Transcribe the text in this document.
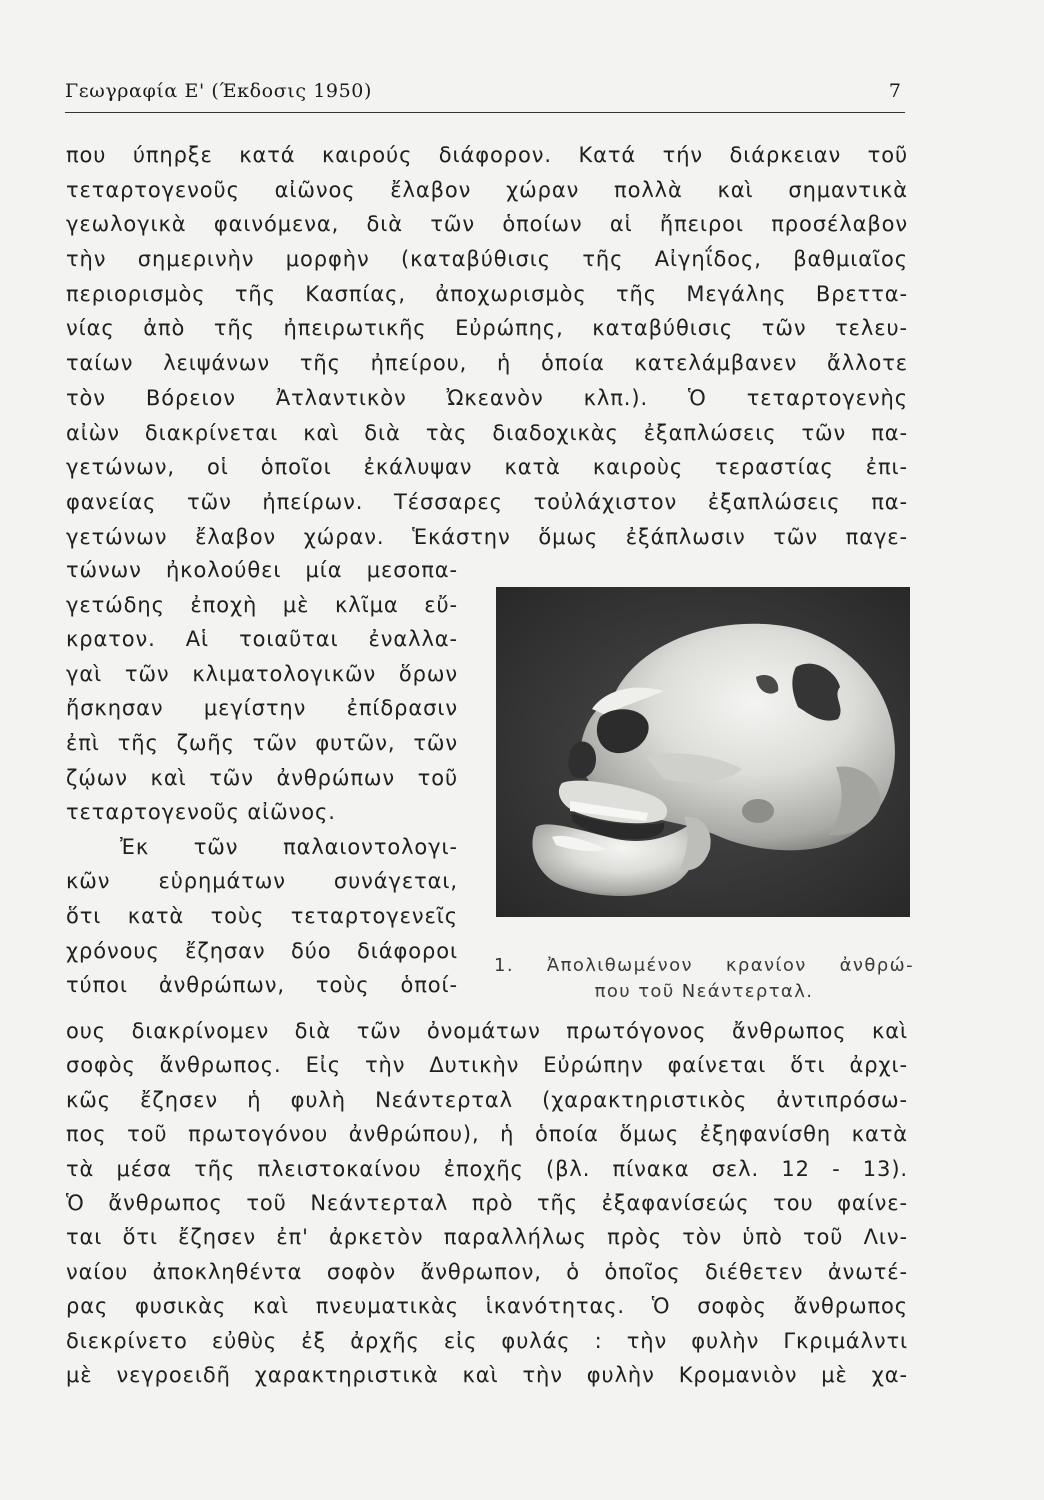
Γεωγραφία Ε' (Έκδοσις 1950)	7
που ύπηρξε κατά καιρούς διάφορον. Κατά τήν διάρκειαν τοῦ
τεταρτογενοῦς αἰῶνος ἔλαβον χώραν πολλὰ καὶ σημαντικὰ
γεωλογικὰ φαινόμενα, διὰ τῶν ὁποίων αἱ ἤπειροι προσέλαβον
τὴν σημερινὴν μορφὴν (καταβύθισις τῆς Αἰγηΐδος, βαθμιαῖος
περιορισμὸς τῆς Κασπίας, ἀποχωρισμὸς τῆς Μεγάλης Βρεττα-
νίας ἀπὸ τῆς ἠπειρωτικῆς Εὐρώπης, καταβύθισις τῶν τελευ-
ταίων λειψάνων τῆς ἠπείρου, ἡ ὁποία κατελάμβανεν ἄλλοτε
τὸν Βόρειον Ἀτλαντικὸν Ὠκεανὸν κλπ.). Ὁ τεταρτογενὴς
αἰὼν διακρίνεται καὶ διὰ τὰς διαδοχικὰς ἐξαπλώσεις τῶν πα-
γετώνων, οἱ ὁποῖοι ἐκάλυψαν κατὰ καιροὺς τεραστίας ἐπι-
φανείας τῶν ἠπείρων. Τέσσαρες τοὐλάχιστον ἐξαπλώσεις πα-
γετώνων ἔλαβον χώραν. Ἑκάστην ὅμως ἐξάπλωσιν τῶν παγε-
τώνων ἠκολούθει μία μεσοπα-
γετώδης ἐποχὴ μὲ κλῖμα εὔ-
κρατον. Αἱ τοιαῦται ἐναλλα-
γαὶ τῶν κλιματολογικῶν ὅρων
ἤσκησαν μεγίστην ἐπίδρασιν
ἐπὶ τῆς ζωῆς τῶν φυτῶν, τῶν
ζῴων καὶ τῶν ἀνθρώπων τοῦ
τεταρτογενοῦς αἰῶνος.
Ἐκ τῶν παλαιοντολογι-
κῶν εὑρημάτων συνάγεται,
ὅτι κατὰ τοὺς τεταρτογενεῖς
χρόνους ἔζησαν δύο διάφοροι
τύποι ἀνθρώπων, τοὺς ὁποί-
1. Ἀπολιθωμένον κρανίον ἀνθρώ-
που τοῦ Νεάντερταλ.
ους διακρίνομεν διὰ τῶν ὀνομάτων πρωτόγονος ἄνθρωπος καὶ
σοφὸς ἄνθρωπος. Εἰς τὴν Δυτικὴν Εὐρώπην φαίνεται ὅτι ἀρχι-
κῶς ἔζησεν ἡ φυλὴ Νεάντερταλ (χαρακτηριστικὸς ἀντιπρόσω-
πος τοῦ πρωτογόνου ἀνθρώπου), ἡ ὁποία ὅμως ἐξηφανίσθη κατὰ
τὰ μέσα τῆς πλειστοκαίνου ἐποχῆς (βλ. πίνακα σελ. 12 - 13).
Ὁ ἄνθρωπος τοῦ Νεάντερταλ πρὸ τῆς ἐξαφανίσεώς του φαίνε-
ται ὅτι ἔζησεν ἐπ' ἀρκετὸν παραλλήλως πρὸς τὸν ὑπὸ τοῦ Λιν-
ναίου ἀποκληθέντα σοφὸν ἄνθρωπον, ὁ ὁποῖος διέθετεν ἀνωτέ-
ρας φυσικὰς καὶ πνευματικὰς ἱκανότητας. Ὁ σοφὸς ἄνθρωπος
διεκρίνετο εὐθὺς ἐξ ἀρχῆς εἰς φυλάς : τὴν φυλὴν Γκριμάλντι
μὲ νεγροειδῆ χαρακτηριστικὰ καὶ τὴν φυλὴν Κρομανιὸν μὲ χα-
